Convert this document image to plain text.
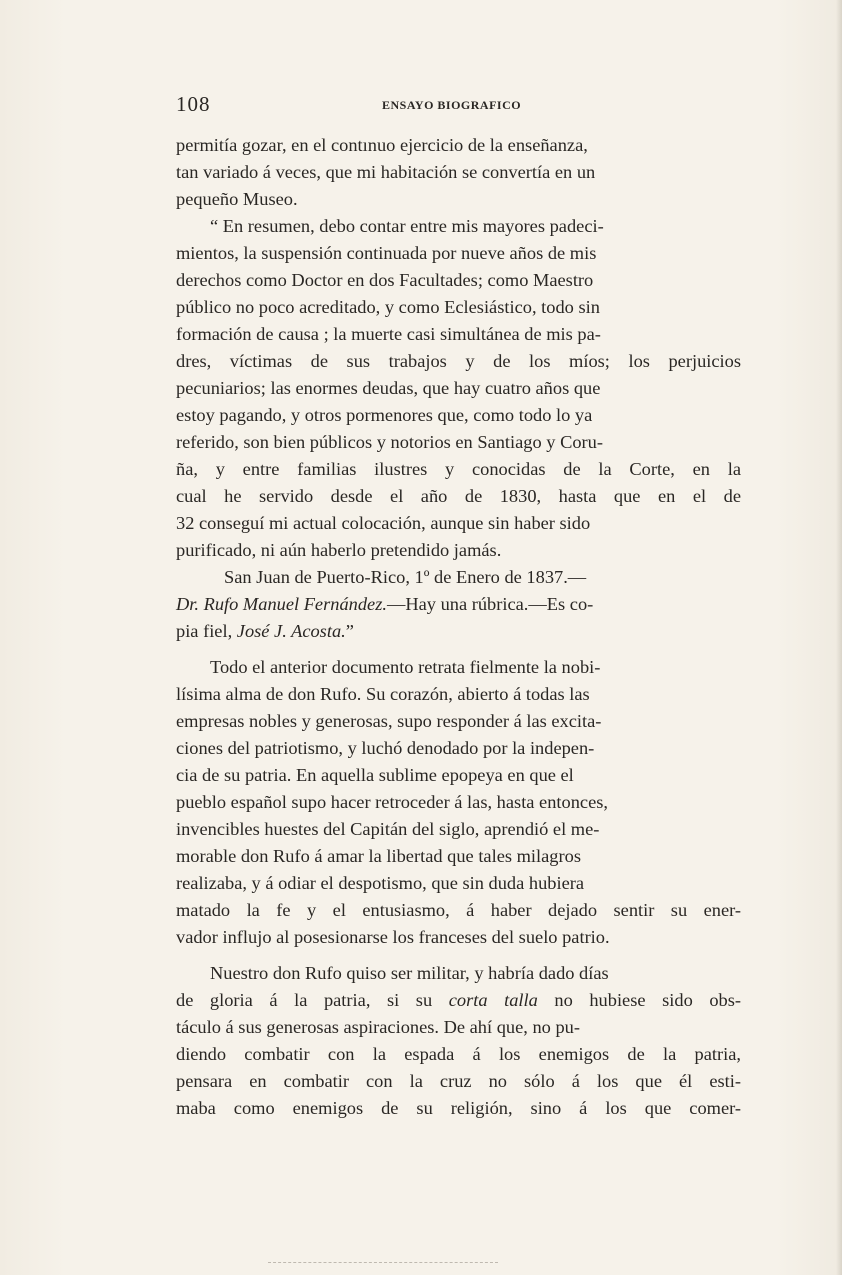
108	ENSAYO BIOGRAFICO
permitía gozar, en el contınuo ejercicio de la enseñanza,
tan variado á veces, que mi habitación se convertía en un
pequeño Museo.
“ En resumen, debo contar entre mis mayores padeci-
mientos, la suspensión continuada por nueve años de mis
derechos como Doctor en dos Facultades; como Maestro
público no poco acreditado, y como Eclesiástico, todo sin
formación de causa ; la muerte casi simultánea de mis pa-
dres, víctimas de sus trabajos y de los míos; los perjuicios
pecuniarios; las enormes deudas, que hay cuatro años que
estoy pagando, y otros pormenores que, como todo lo ya
referido, son bien públicos y notorios en Santiago y Coru-
ña, y entre familias ilustres y conocidas de la Corte, en la
cual he servido desde el año de 1830, hasta que en el de
32 conseguí mi actual colocación, aunque sin haber sido
purificado, ni aún haberlo pretendido jamás.
San Juan de Puerto-Rico, 1º de Enero de 1837.—
Dr. Rufo Manuel Fernández.—Hay una rúbrica.—Es co-
pia fiel, José J. Acosta.”
Todo el anterior documento retrata fielmente la nobi-
lísima alma de don Rufo. Su corazón, abierto á todas las
empresas nobles y generosas, supo responder á las excita-
ciones del patriotismo, y luchó denodado por la indepen-
cia de su patria. En aquella sublime epopeya en que el
pueblo español supo hacer retroceder á las, hasta entonces,
invencibles huestes del Capitán del siglo, aprendió el me-
morable don Rufo á amar la libertad que tales milagros
realizaba, y á odiar el despotismo, que sin duda hubiera
matado la fe y el entusiasmo, á haber dejado sentir su ener-
vador influjo al posesionarse los franceses del suelo patrio.
Nuestro don Rufo quiso ser militar, y habría dado días
de gloria á la patria, si su corta talla no hubiese sido obs-
táculo á sus generosas aspiraciones. De ahí que, no pu-
diendo combatir con la espada á los enemigos de la patria,
pensara en combatir con la cruz no sólo á los que él esti-
maba como enemigos de su religión, sino á los que comer-
